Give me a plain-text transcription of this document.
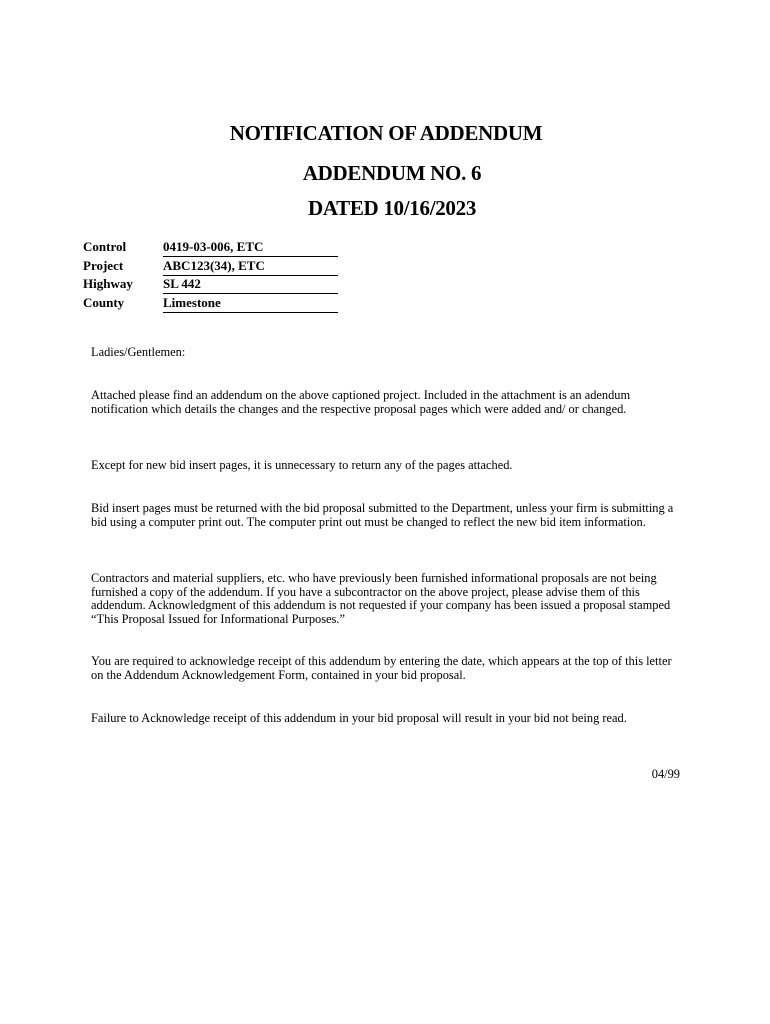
NOTIFICATION OF ADDENDUM
ADDENDUM NO. 6
DATED 10/16/2023
Control	0419-03-006, ETC
Project	ABC123(34), ETC
Highway SL 442
County	Limestone

Ladies/Gentlemen:

Attached please find an addendum on the above captioned project. Included in the attachment is an adendum notification which details the changes and the respective proposal pages which were added and/ or changed.

Except for new bid insert pages, it is unnecessary to return any of the pages attached.

Bid insert pages must be returned with the bid proposal submitted to the Department, unless your firm is submitting a bid using a computer print out. The computer print out must be changed to reflect the new bid item information.

Contractors and material suppliers, etc. who have previously been furnished informational proposals are not being furnished a copy of the addendum. If you have a subcontractor on the above project, please advise them of this addendum. Acknowledgment of this addendum is not requested if your company has been issued a proposal stamped “This Proposal Issued for Informational Purposes.”

You are required to acknowledge receipt of this addendum by entering the date, which appears at the top of this letter on the Addendum Acknowledgement Form, contained in your bid proposal.

Failure to Acknowledge receipt of this addendum in your bid proposal will result in your bid not being read.

04/99
